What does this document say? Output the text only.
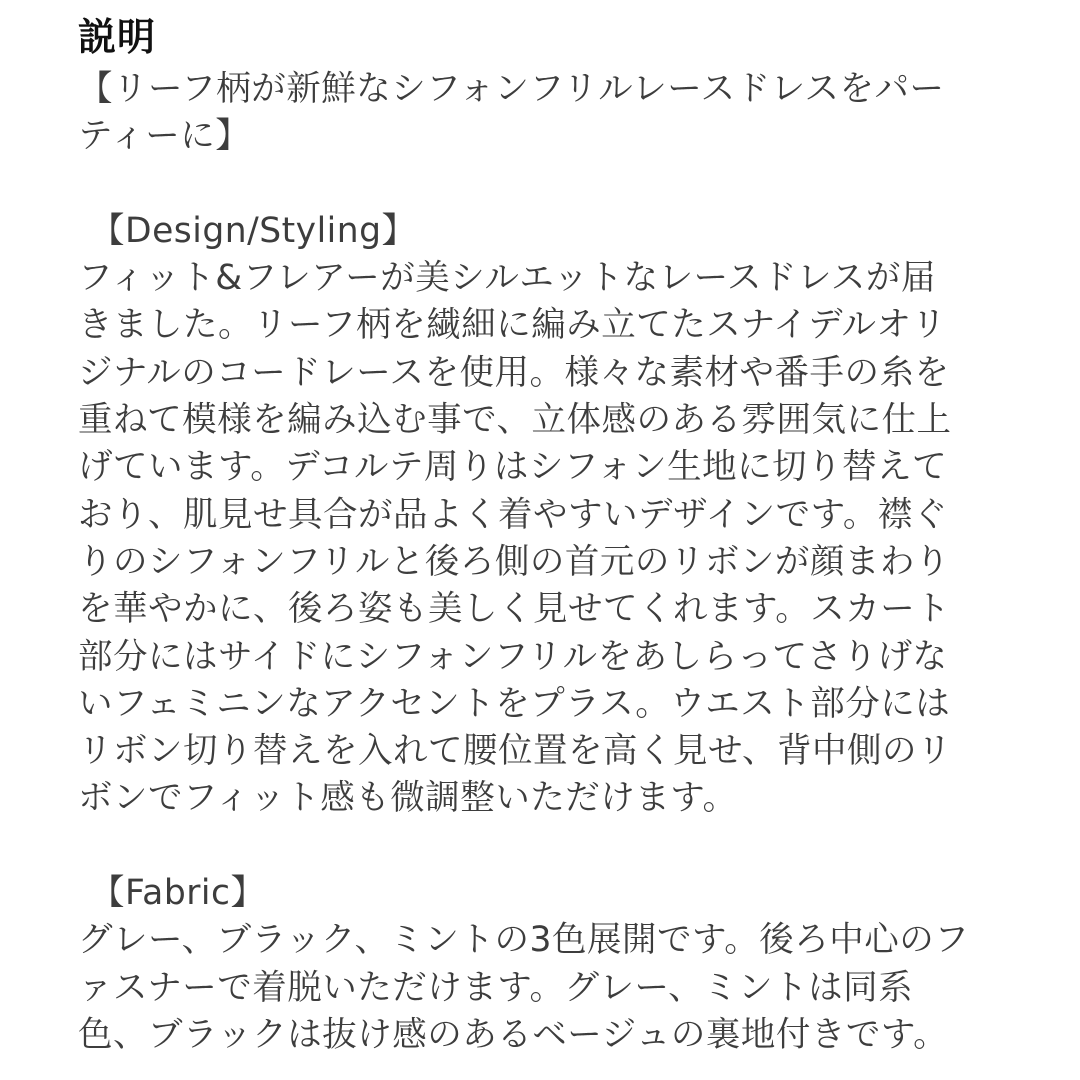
説明

【リーフ柄が新鮮なシフォンフリルレースドレスをパー

ティーに】

【Design/Styling】

フィット&フレアーが美シルエットなレースドレスが届

きました。リーフ柄を繊細に編み立てたスナイデルオリ

ジナルのコードレースを使用。様々な素材や番手の糸を

重ねて模様を編み込む事で、立体感のある雰囲気に仕上

げています。デコルテ周りはシフォン生地に切り替えて

おり、肌見せ具合が品よく着やすいデザインです。襟ぐ

りのシフォンフリルと後ろ側の首元のリボンが顔まわり

を華やかに、後ろ姿も美しく見せてくれます。スカート

部分にはサイドにシフォンフリルをあしらってさりげな

いフェミニンなアクセントをプラス。ウエスト部分には

リボン切り替えを入れて腰位置を高く見せ、背中側のリ

ボンでフィット感も微調整いただけます。

【Fabric】

グレー、ブラック、ミントの3色展開です。後ろ中心のフ

ァスナーで着脱いただけます。グレー、ミントは同系

色、ブラックは抜け感のあるベージュの裏地付きです。
